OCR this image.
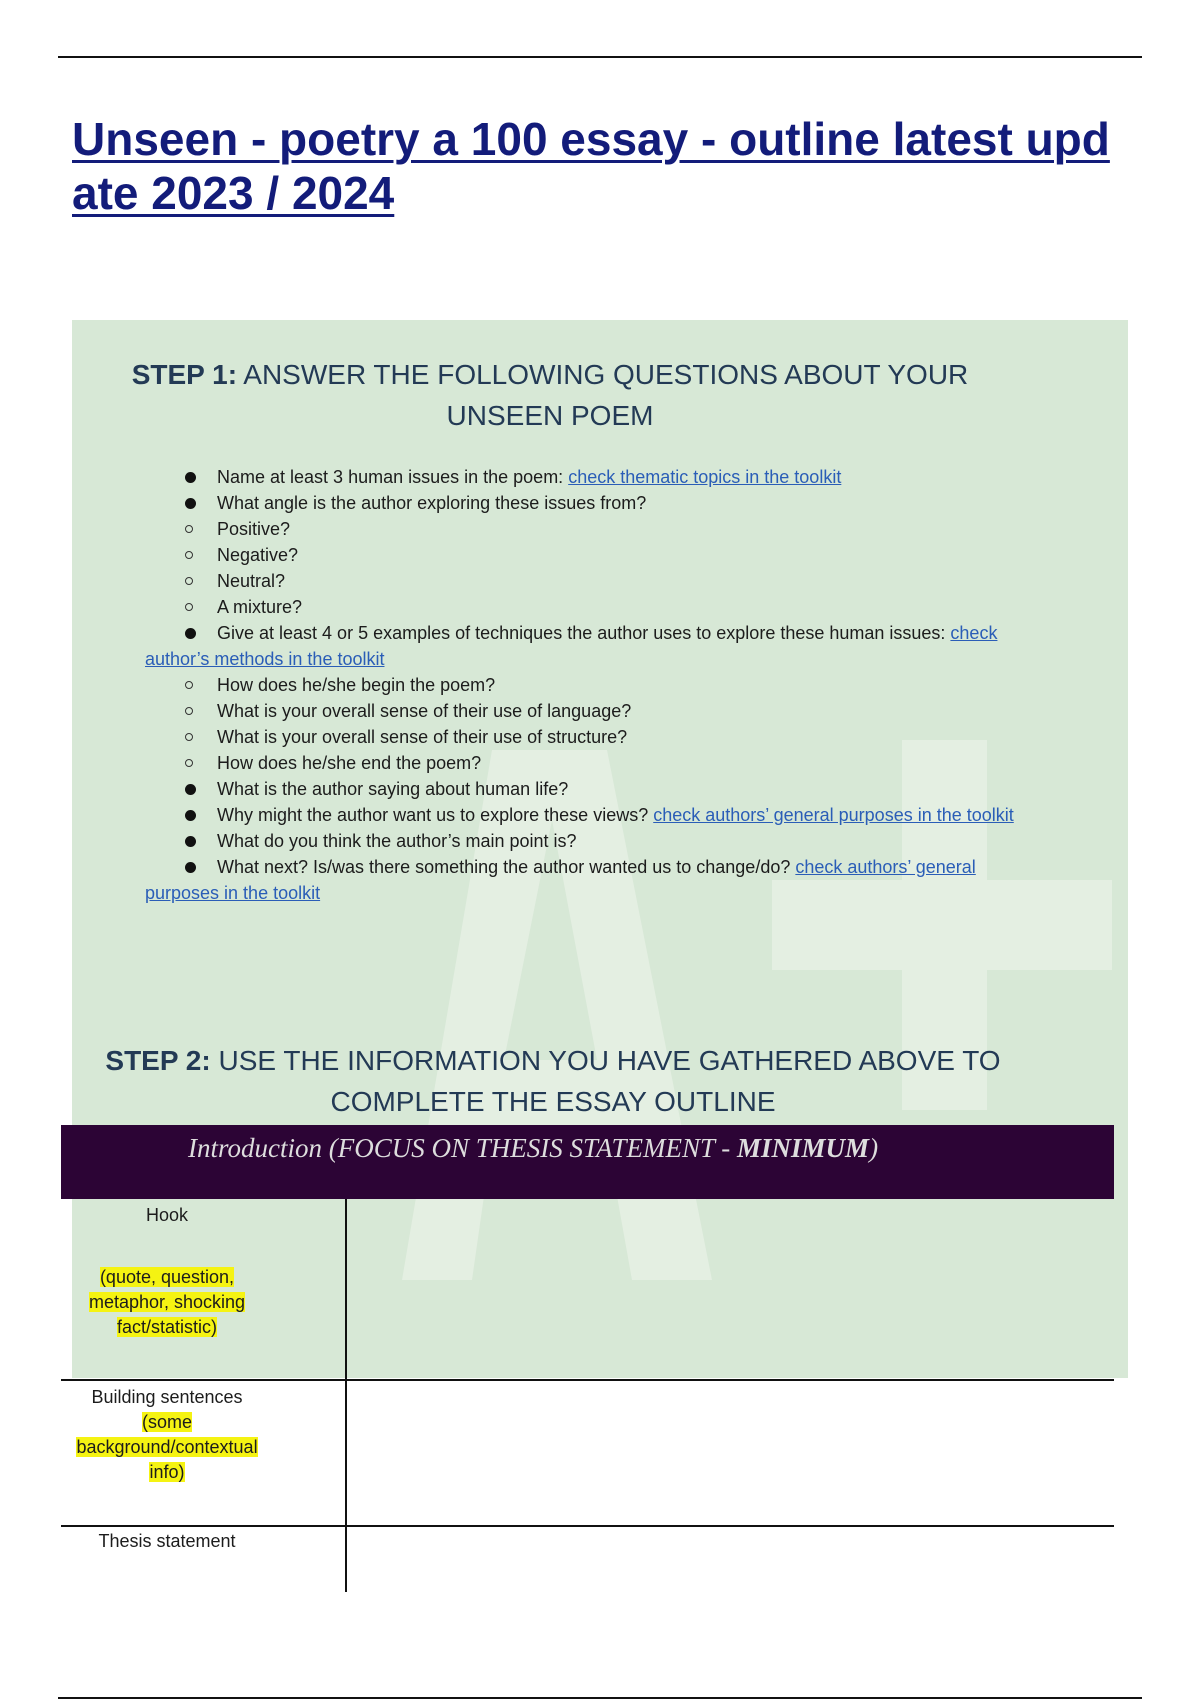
Unseen - poetry a 100 essay - outline latest update 2023 / 2024
STEP 1: ANSWER THE FOLLOWING QUESTIONS ABOUT YOUR UNSEEN POEM
Name at least 3 human issues in the poem: check thematic topics in the toolkit
What angle is the author exploring these issues from?
Positive?
Negative?
Neutral?
A mixture?
Give at least 4 or 5 examples of techniques the author uses to explore these human issues: check author’s methods in the toolkit
How does he/she begin the poem?
What is your overall sense of their use of language?
What is your overall sense of their use of structure?
How does he/she end the poem?
What is the author saying about human life?
Why might the author want us to explore these views? check authors’ general purposes in the toolkit
What do you think the author’s main point is?
What next? Is/was there something the author wanted us to change/do? check authors’ general purposes in the toolkit
STEP 2: USE THE INFORMATION YOU HAVE GATHERED ABOVE TO COMPLETE THE ESSAY OUTLINE
Introduction (FOCUS ON THESIS STATEMENT - MINIMUM)

Hook

(quote, question, metaphor, shocking fact/statistic)

Building sentences
(some background/contextual info)

Thesis statement
